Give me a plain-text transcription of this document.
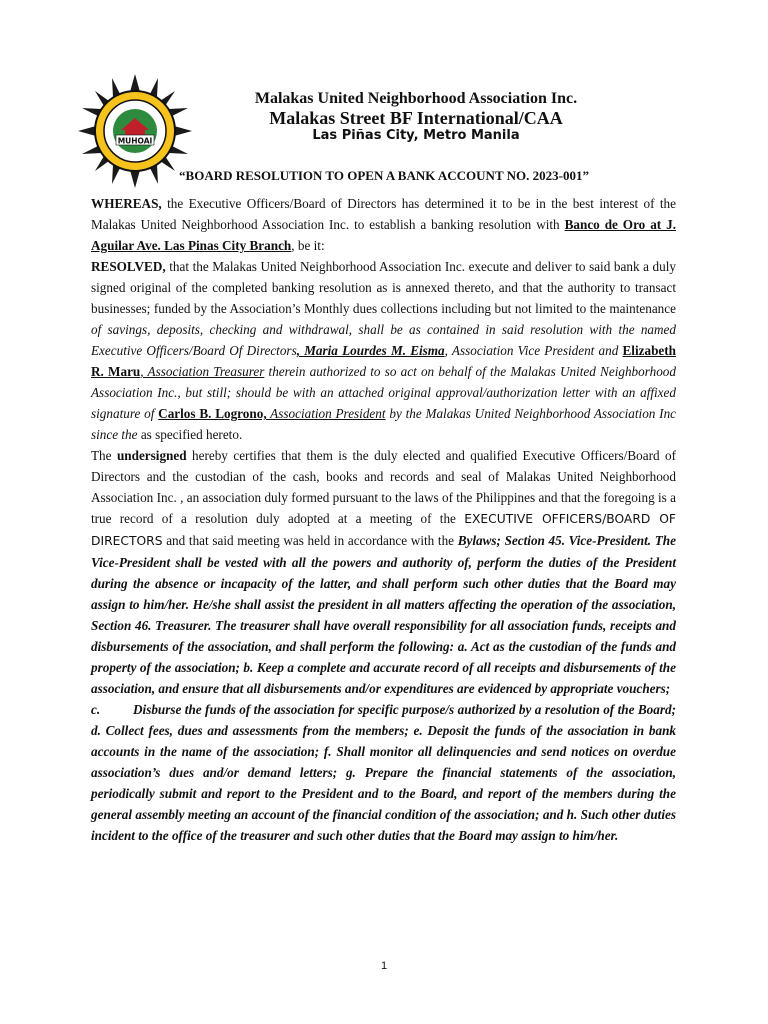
MUHOAI
Malakas United Neighborhood Association Inc.
Malakas Street BF International/CAA
Las Piñas City, Metro Manila
“BOARD RESOLUTION TO OPEN A BANK ACCOUNT NO. 2023-001”

WHEREAS, the Executive Officers/Board of Directors has determined it to be in the best interest of the Malakas United Neighborhood Association Inc. to establish a banking resolution with Banco de Oro at J. Aguilar Ave. Las Pinas City Branch, be it:

RESOLVED, that the Malakas United Neighborhood Association Inc. execute and deliver to said bank a duly signed original of the completed banking resolution as is annexed thereto, and that the authority to transact businesses; funded by the Association’s Monthly dues collections including but not limited to the maintenance of savings, deposits, checking and withdrawal, shall be as contained in said resolution with the named Executive Officers/Board Of Directors, Maria Lourdes M. Eisma, Association Vice President and Elizabeth R. Maru, Association Treasurer therein authorized to so act on behalf of the Malakas United Neighborhood Association Inc., but still; should be with an attached original approval/authorization letter with an affixed signature of Carlos B. Logrono, Association President by the Malakas United Neighborhood Association Inc since the as specified hereto.

The undersigned hereby certifies that them is the duly elected and qualified Executive Officers/Board of Directors and the custodian of the cash, books and records and seal of Malakas United Neighborhood Association Inc. , an association duly formed pursuant to the laws of the Philippines and that the foregoing is a true record of a resolution duly adopted at a meeting of the EXECUTIVE OFFICERS/BOARD OF DIRECTORS and that said meeting was held in accordance with the Bylaws; Section 45. Vice-President. The Vice-President shall be vested with all the powers and authority of, perform the duties of the President during the absence or incapacity of the latter, and shall perform such other duties that the Board may assign to him/her. He/she shall assist the president in all matters affecting the operation of the association, Section 46. Treasurer. The treasurer shall have overall responsibility for all association funds, receipts and disbursements of the association, and shall perform the following: a. Act as the custodian of the funds and property of the association; b. Keep a complete and accurate record of all receipts and disbursements of the association, and ensure that all disbursements and/or expenditures are evidenced by appropriate vouchers;

c. Disburse the funds of the association for specific purpose/s authorized by a resolution of the Board; d. Collect fees, dues and assessments from the members; e. Deposit the funds of the association in bank accounts in the name of the association; f. Shall monitor all delinquencies and send notices on overdue association’s dues and/or demand letters; g. Prepare the financial statements of the association, periodically submit and report to the President and to the Board, and report of the members during the general assembly meeting an account of the financial condition of the association; and h. Such other duties incident to the office of the treasurer and such other duties that the Board may assign to him/her.

1
